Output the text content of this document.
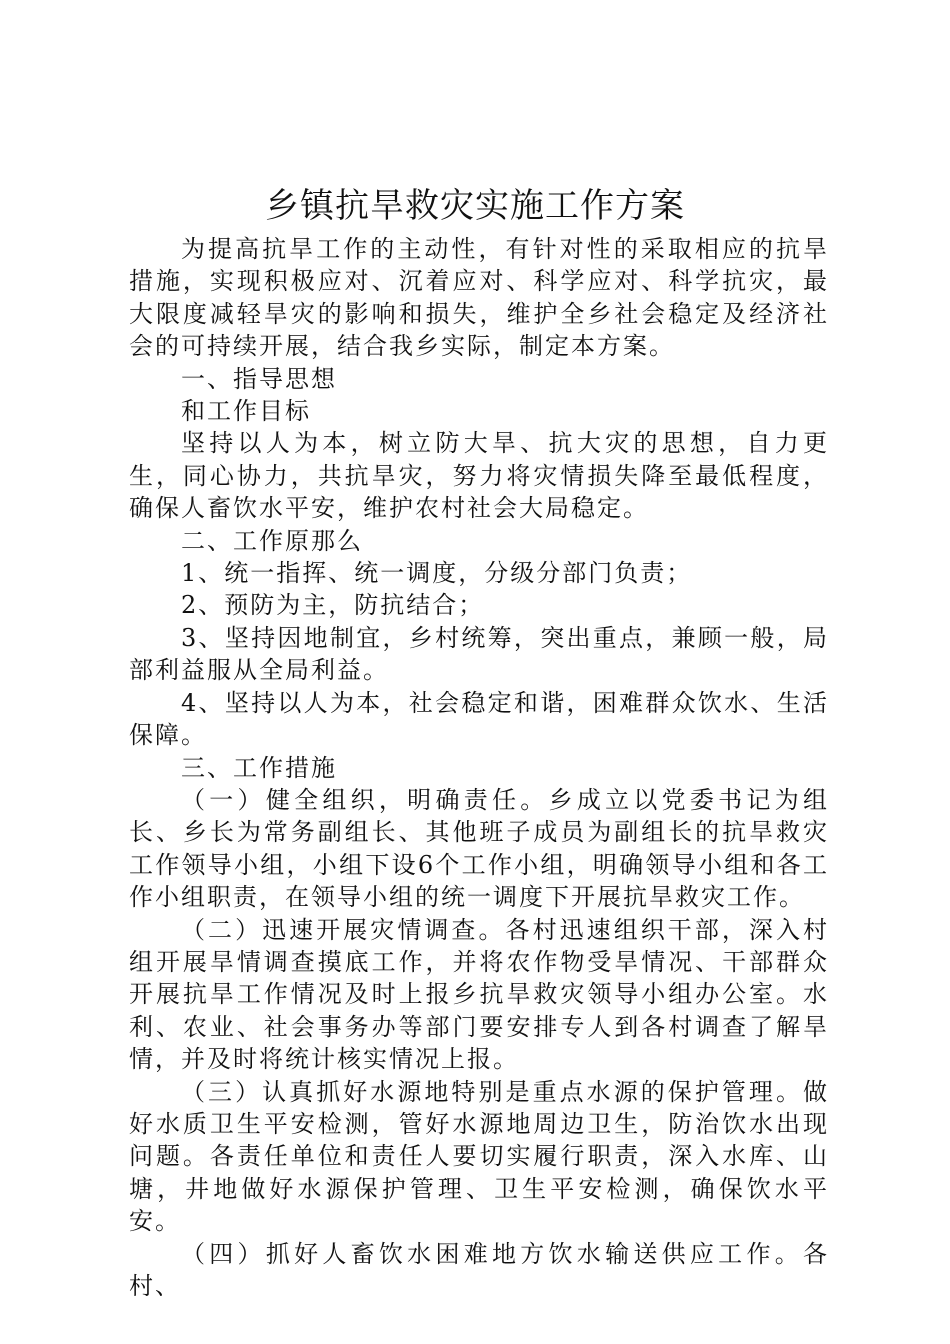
乡镇抗旱救灾实施工作方案

为提高抗旱工作的主动性，有针对性的采取相应的抗旱措施，实现积极应对、沉着应对、科学应对、科学抗灾，最大限度减轻旱灾的影响和损失，维护全乡社会稳定及经济社会的可持续开展，结合我乡实际，制定本方案。

一、指导思想

和工作目标

坚持以人为本，树立防大旱、抗大灾的思想，自力更生，同心协力，共抗旱灾，努力将灾情损失降至最低程度，确保人畜饮水平安，维护农村社会大局稳定。

二、工作原那么

1、统一指挥、统一调度，分级分部门负责；

2、预防为主，防抗结合；

3、坚持因地制宜，乡村统筹，突出重点，兼顾一般，局部利益服从全局利益。

4、坚持以人为本，社会稳定和谐，困难群众饮水、生活保障。

三、工作措施

（一）健全组织，明确责任。乡成立以党委书记为组长、乡长为常务副组长、其他班子成员为副组长的抗旱救灾工作领导小组，小组下设6个工作小组，明确领导小组和各工作小组职责，在领导小组的统一调度下开展抗旱救灾工作。

（二）迅速开展灾情调查。各村迅速组织干部，深入村组开展旱情调查摸底工作，并将农作物受旱情况、干部群众开展抗旱工作情况及时上报乡抗旱救灾领导小组办公室。水利、农业、社会事务办等部门要安排专人到各村调查了解旱情，并及时将统计核实情况上报。

（三）认真抓好水源地特别是重点水源的保护管理。做好水质卫生平安检测，管好水源地周边卫生，防治饮水出现问题。各责任单位和责任人要切实履行职责，深入水库、山塘，井地做好水源保护管理、卫生平安检测，确保饮水平安。

（四）抓好人畜饮水困难地方饮水输送供应工作。各村、
